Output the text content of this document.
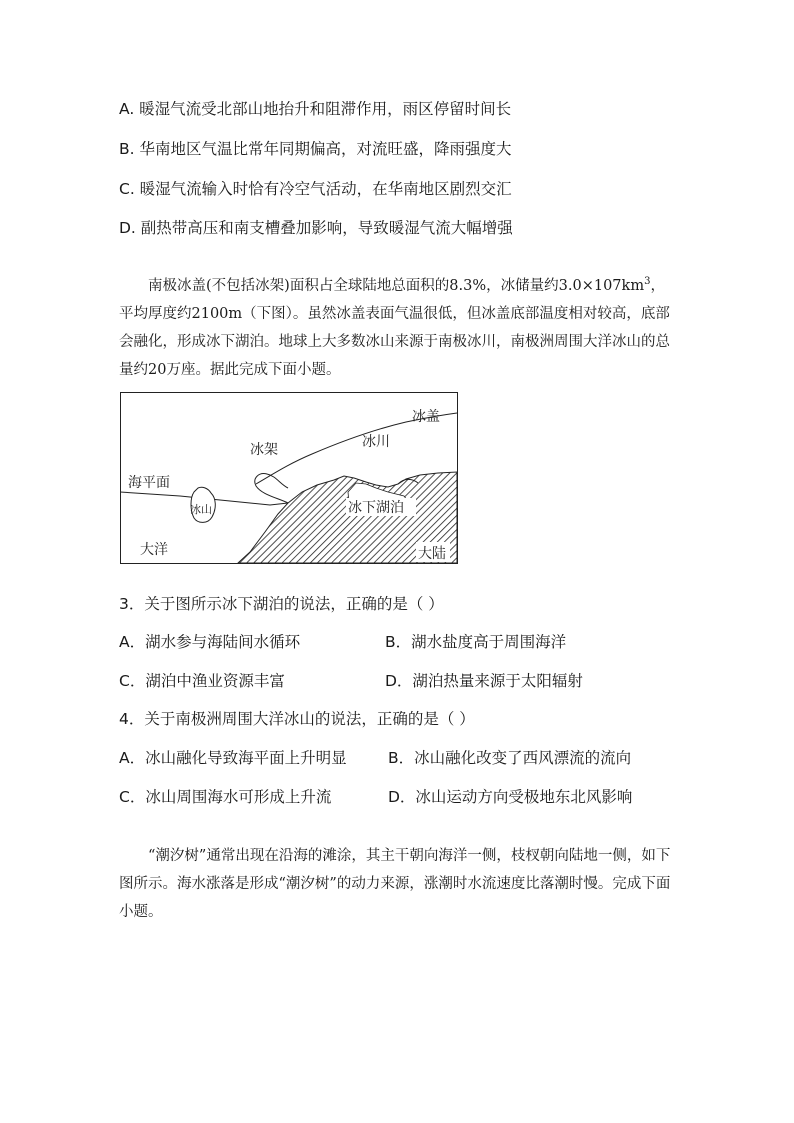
A. 暖湿气流受北部山地抬升和阻滞作用，雨区停留时间长
B. 华南地区气温比常年同期偏高，对流旺盛，降雨强度大
C. 暖湿气流输入时恰有冷空气活动，在华南地区剧烈交汇
D. 副热带高压和南支槽叠加影响，导致暖湿气流大幅增强

南极冰盖(不包括冰架)面积占全球陆地总面积的8.3%，冰储量约$3.0\times 107km^3$，平均厚度约2100m（下图）。虽然冰盖表面气温很低，但冰盖底部温度相对较高，底部会融化，形成冰下湖泊。地球上大多数冰山来源于南极冰川，南极洲周围大洋冰山的总量约20万座。据此完成下面小题。

冰盖
冰架	冰川
海平面
冰山	冰下湖泊
大洋	大陆
3．关于图所示冰下湖泊的说法，正确的是（ ）
A．湖水参与海陆间水循环	B．湖水盐度高于周围海洋
C．湖泊中渔业资源丰富	D．湖泊热量来源于太阳辐射
4．关于南极洲周围大洋冰山的说法，正确的是（ ）
A．冰山融化导致海平面上升明显	B．冰山融化改变了西风漂流的流向
C．冰山周围海水可形成上升流	D．冰山运动方向受极地东北风影响

“潮汐树”通常出现在沿海的滩涂，其主干朝向海洋一侧，枝杈朝向陆地一侧，如下图所示。海水涨落是形成“潮汐树”的动力来源，涨潮时水流速度比落潮时慢。完成下面小题。
